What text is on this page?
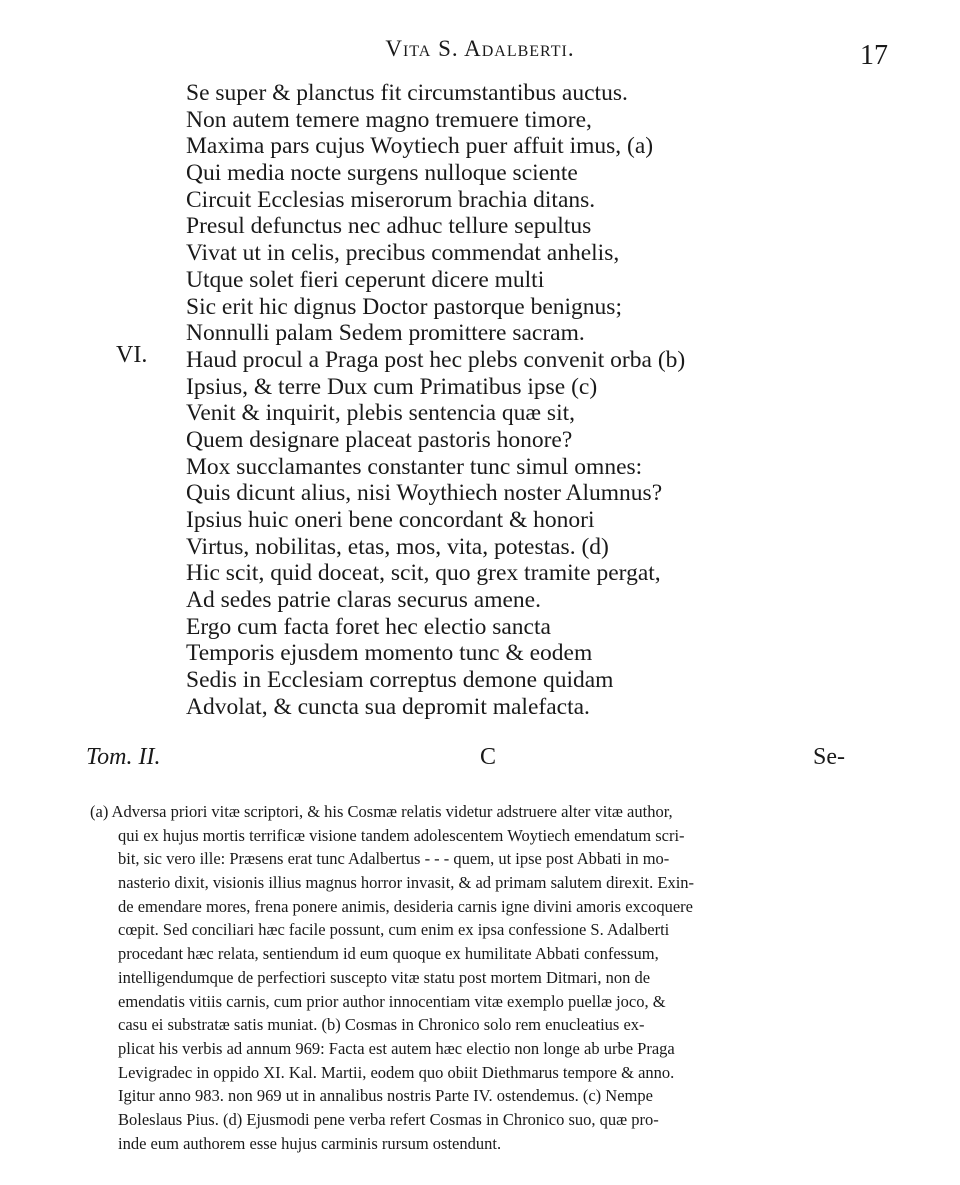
Vita S. Adalberti.	17
VI.
Se super & planctus fit circumstantibus auctus.
Non autem temere magno tremuere timore,
Maxima pars cujus Woytiech puer affuit imus, (a)
Qui media nocte surgens nulloque sciente
Circuit Ecclesias miserorum brachia ditans.
Presul defunctus nec adhuc tellure sepultus
Vivat ut in celis, precibus commendat anhelis,
Utque solet fieri ceperunt dicere multi
Sic erit hic dignus Doctor pastorque benignus;
Nonnulli palam Sedem promittere sacram.
Haud procul a Praga post hec plebs convenit orba (b)
Ipsius, & terre Dux cum Primatibus ipse (c)
Venit & inquirit, plebis sentencia quæ sit,
Quem designare placeat pastoris honore?
Mox succlamantes constanter tunc simul omnes:
Quis dicunt alius, nisi Woythiech noster Alumnus?
Ipsius huic oneri bene concordant & honori
Virtus, nobilitas, etas, mos, vita, potestas. (d)
Hic scit, quid doceat, scit, quo grex tramite pergat,
Ad sedes patrie claras securus amene.
Ergo cum facta foret hec electio sancta
Temporis ejusdem momento tunc & eodem
Sedis in Ecclesiam correptus demone quidam
Advolat, & cuncta sua depromit malefacta.
Tom. II.	C	Se-
(a) Adversa priori vitæ scriptori, & his Cosmæ relatis videtur adstruere alter vitæ author,
qui ex hujus mortis terrificæ visione tandem adolescentem Woytiech emendatum scri-
bit, sic vero ille: Præsens erat tunc Adalbertus - - - quem, ut ipse post Abbati in mo-
nasterio dixit, visionis illius magnus horror invasit, & ad primam salutem direxit. Exin-
de emendare mores, frena ponere animis, desideria carnis igne divini amoris excoquere
cœpit. Sed conciliari hæc facile possunt, cum enim ex ipsa confessione S. Adalberti
procedant hæc relata, sentiendum id eum quoque ex humilitate Abbati confessum,
intelligendumque de perfectiori suscepto vitæ statu post mortem Ditmari, non de
emendatis vitiis carnis, cum prior author innocentiam vitæ exemplo puellæ joco, &
casu ei substratæ satis muniat. (b) Cosmas in Chronico solo rem enucleatius ex-
plicat his verbis ad annum 969: Facta est autem hæc electio non longe ab urbe Praga
Levigradec in oppido XI. Kal. Martii, eodem quo obiit Diethmarus tempore & anno.
Igitur anno 983. non 969 ut in annalibus nostris Parte IV. ostendemus. (c) Nempe
Boleslaus Pius. (d) Ejusmodi pene verba refert Cosmas in Chronico suo, quæ pro-
inde eum authorem esse hujus carminis rursum ostendunt.
